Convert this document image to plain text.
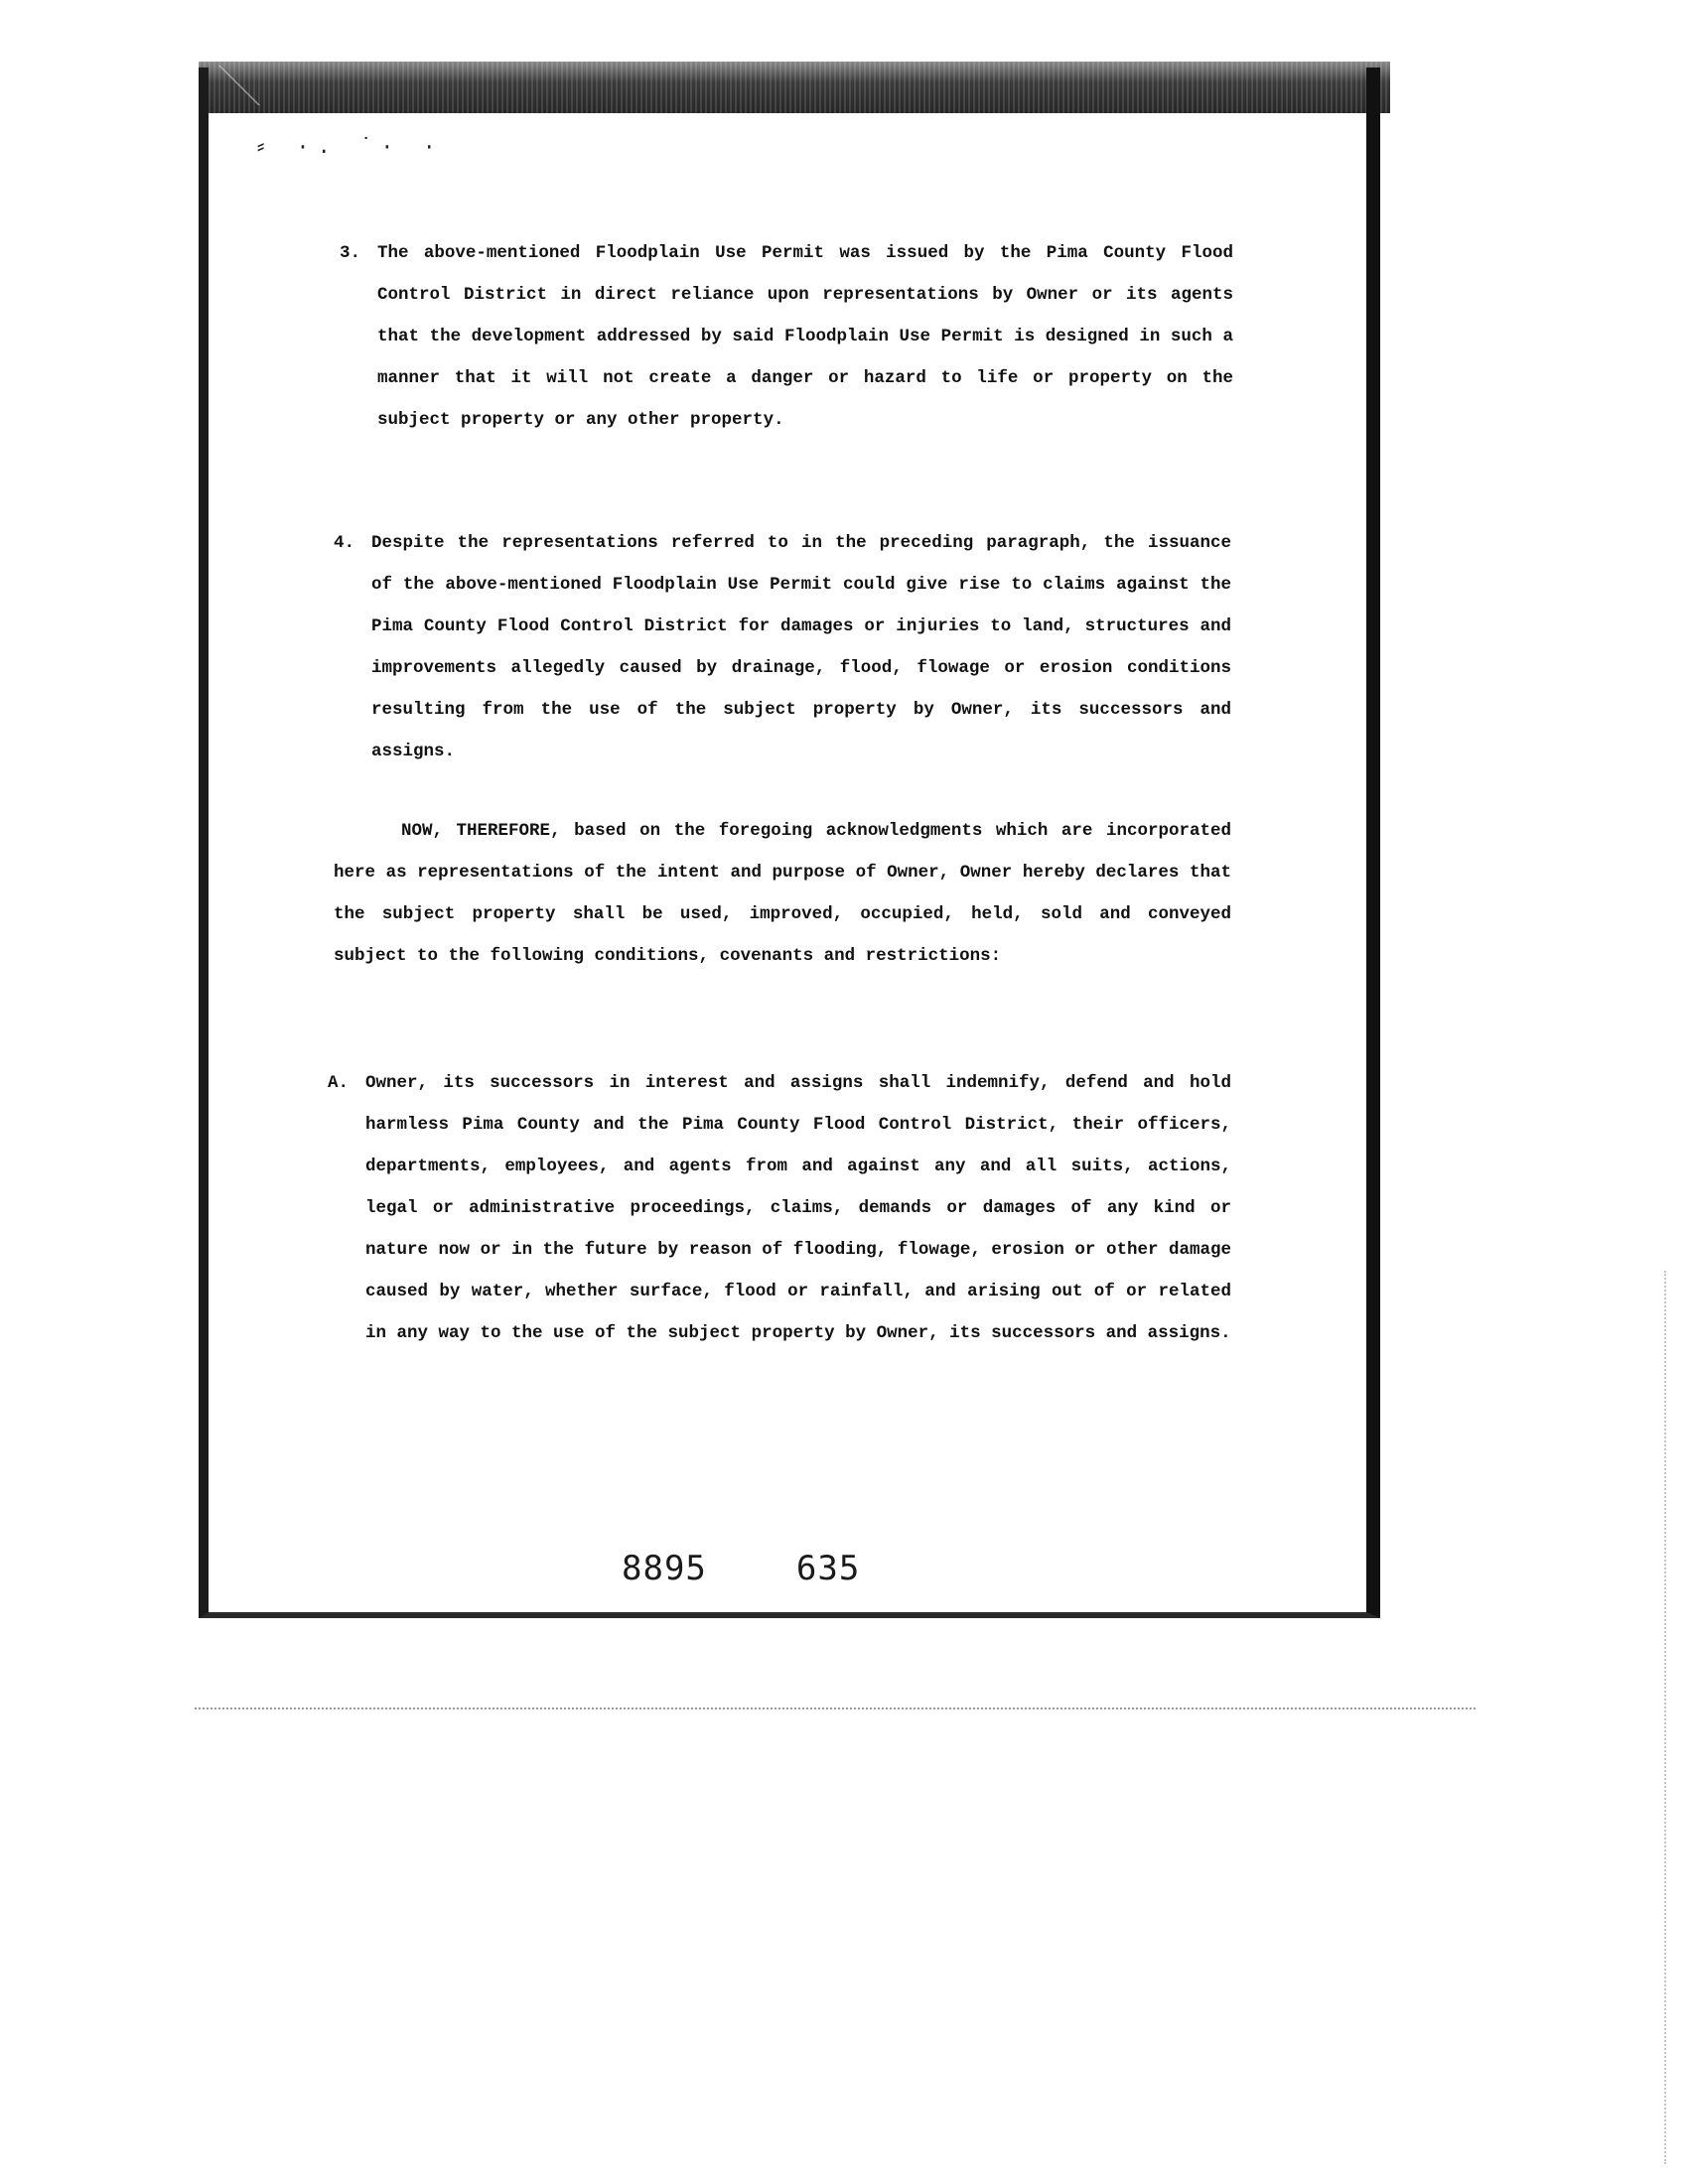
⸗ ·. ˙· ·
3. The above-mentioned Floodplain Use Permit was issued by the Pima County Flood Control District in direct reliance upon representations by Owner or its agents that the development addressed by said Floodplain Use Permit is designed in such a manner that it will not create a danger or hazard to life or property on the subject property or any other property.

4. Despite the representations referred to in the preceding paragraph, the issuance of the above-mentioned Floodplain Use Permit could give rise to claims against the Pima County Flood Control District for damages or injuries to land, structures and improvements allegedly caused by drainage, flood, flowage or erosion conditions resulting from the use of the subject property by Owner, its successors and assigns.

NOW, THEREFORE, based on the foregoing acknowledgments which are incorporated here as representations of the intent and purpose of Owner, Owner hereby declares that the subject property shall be used, improved, occupied, held, sold and conveyed subject to the following conditions, covenants and restrictions:

A. Owner, its successors in interest and assigns shall indemnify, defend and hold harmless Pima County and the Pima County Flood Control District, their officers, departments, employees, and agents from and against any and all suits, actions, legal or administrative proceedings, claims, demands or damages of any kind or nature now or in the future by reason of flooding, flowage, erosion or other damage caused by water, whether surface, flood or rainfall, and arising out of or related in any way to the use of the subject property by Owner, its successors and assigns.

8895	635
